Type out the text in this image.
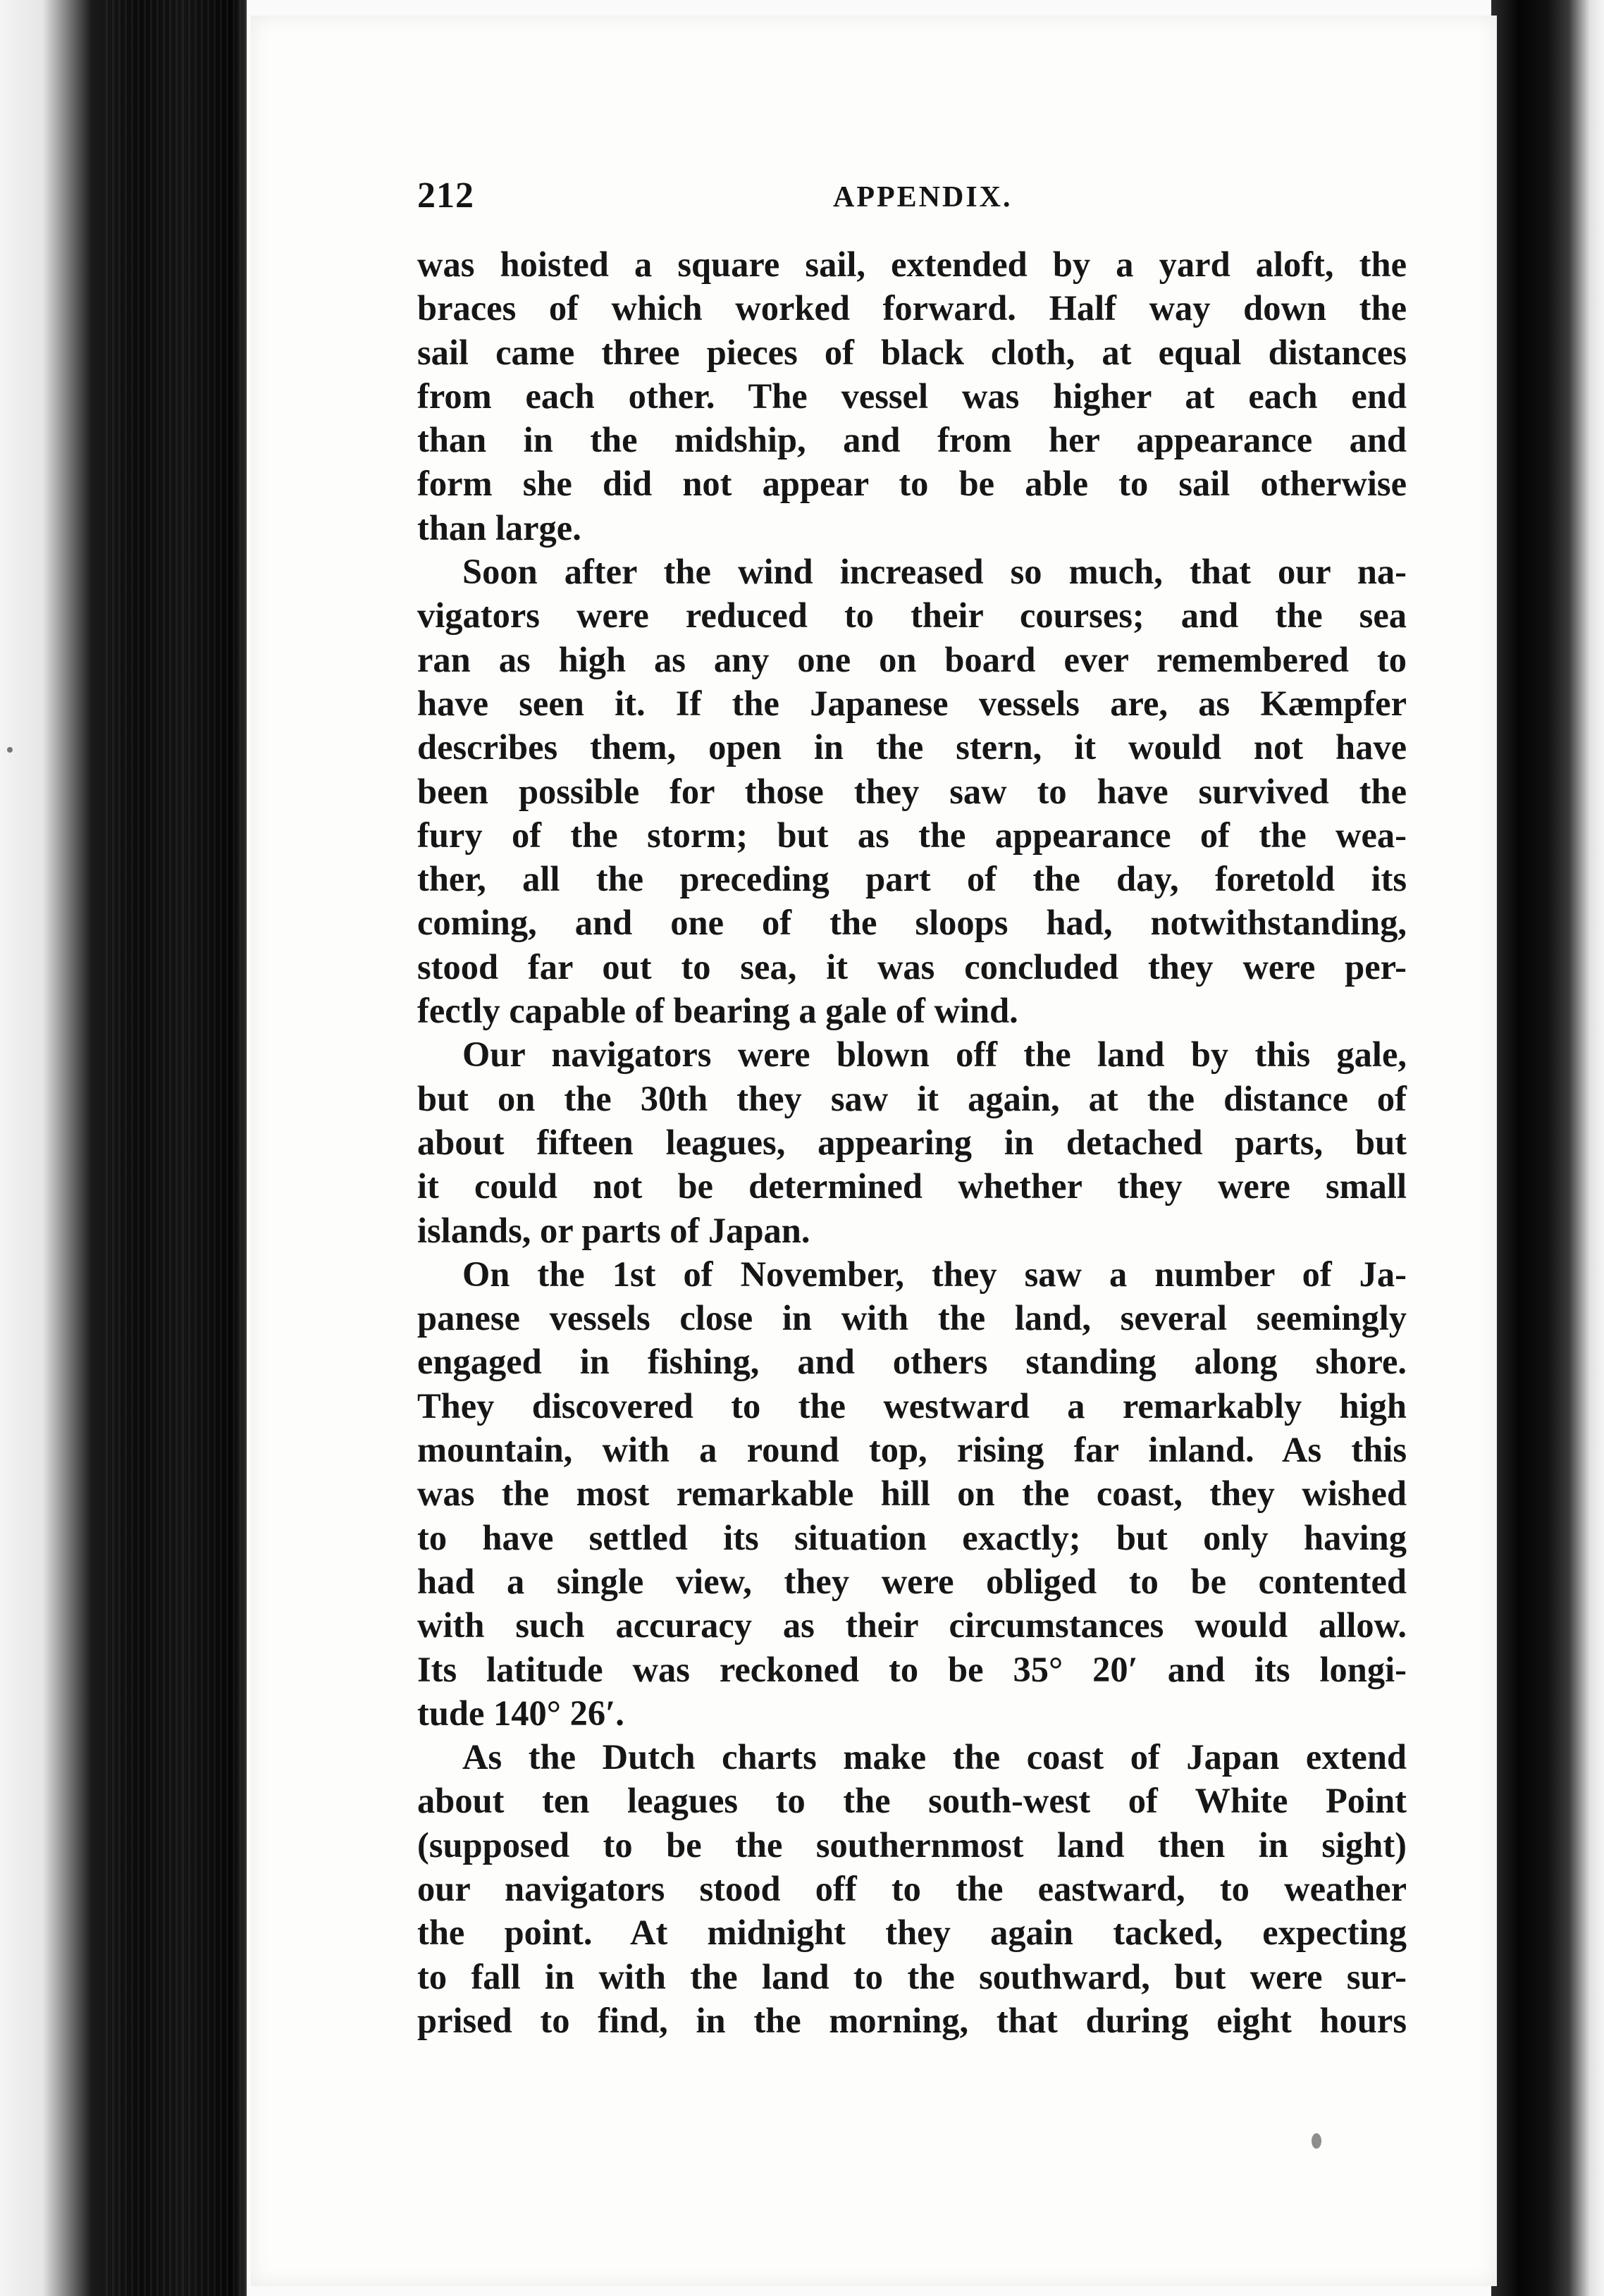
212	APPENDIX.
was hoisted a square sail, extended by a yard aloft, the
braces of which worked forward. Half way down the
sail came three pieces of black cloth, at equal distances
from each other. The vessel was higher at each end
than in the midship, and from her appearance and
form she did not appear to be able to sail otherwise
than large.
Soon after the wind increased so much, that our na-
vigators were reduced to their courses; and the sea
ran as high as any one on board ever remembered to
have seen it. If the Japanese vessels are, as Kæmpfer
describes them, open in the stern, it would not have
been possible for those they saw to have survived the
fury of the storm; but as the appearance of the wea-
ther, all the preceding part of the day, foretold its
coming, and one of the sloops had, notwithstanding,
stood far out to sea, it was concluded they were per-
fectly capable of bearing a gale of wind.
Our navigators were blown off the land by this gale,
but on the 30th they saw it again, at the distance of
about fifteen leagues, appearing in detached parts, but
it could not be determined whether they were small
islands, or parts of Japan.
On the 1st of November, they saw a number of Ja-
panese vessels close in with the land, several seemingly
engaged in fishing, and others standing along shore.
They discovered to the westward a remarkably high
mountain, with a round top, rising far inland. As this
was the most remarkable hill on the coast, they wished
to have settled its situation exactly; but only having
had a single view, they were obliged to be contented
with such accuracy as their circumstances would allow.
Its latitude was reckoned to be 35° 20′ and its longi-
tude 140° 26′.
As the Dutch charts make the coast of Japan extend
about ten leagues to the south-west of White Point
(supposed to be the southernmost land then in sight)
our navigators stood off to the eastward, to weather
the point. At midnight they again tacked, expecting
to fall in with the land to the southward, but were sur-
prised to find, in the morning, that during eight hours
